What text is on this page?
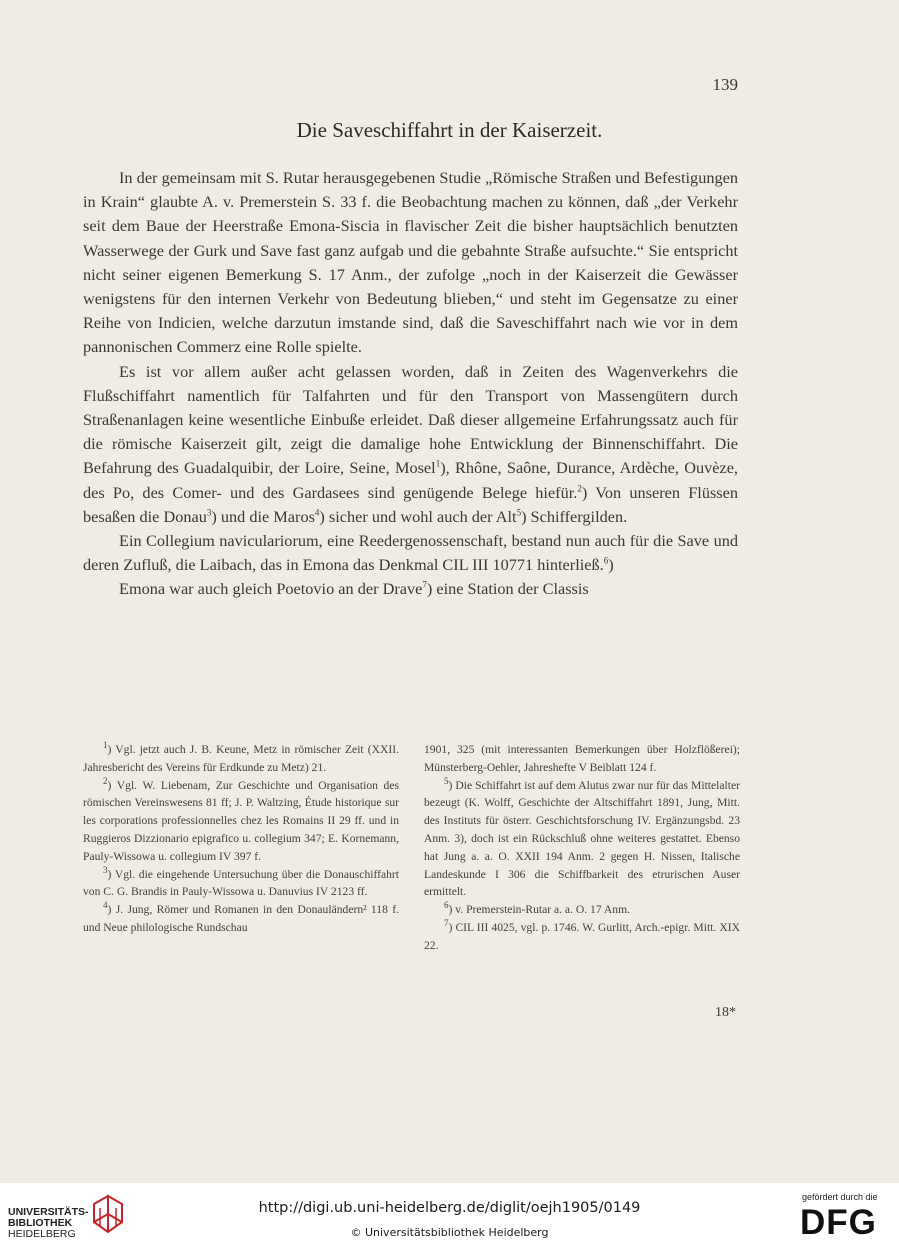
139
Die Saveschiffahrt in der Kaiserzeit.

In der gemeinsam mit S. Rutar herausgegebenen Studie „Römische Straßen und Befestigungen in Krain“ glaubte A. v. Premerstein S. 33 f. die Beobachtung machen zu können, daß „der Verkehr seit dem Baue der Heerstraße Emona-Siscia in flavischer Zeit die bisher hauptsächlich benutzten Wasserwege der Gurk und Save fast ganz aufgab und die gebahnte Straße aufsuchte.“ Sie entspricht nicht seiner eigenen Bemerkung S. 17 Anm., der zufolge „noch in der Kaiserzeit die Gewässer wenigstens für den internen Verkehr von Bedeutung blieben,“ und steht im Gegensatze zu einer Reihe von Indicien, welche darzutun imstande sind, daß die Saveschiffahrt nach wie vor in dem pannonischen Commerz eine Rolle spielte.

Es ist vor allem außer acht gelassen worden, daß in Zeiten des Wagenverkehrs die Flußschiffahrt namentlich für Talfahrten und für den Transport von Massengütern durch Straßenanlagen keine wesentliche Einbuße erleidet. Daß dieser allgemeine Erfahrungssatz auch für die römische Kaiserzeit gilt, zeigt die damalige hohe Entwicklung der Binnenschiffahrt. Die Befahrung des Guadalquibir, der Loire, Seine, Mosel$^1$), Rhône, Saône, Durance, Ardèche, Ouvèze, des Po, des Comer- und des Gardasees sind genügende Belege hiefür.$^2$) Von unseren Flüssen besaßen die Donau$^3$) und die Maros$^4$) sicher und wohl auch der Alt$^5$) Schiffergilden.

Ein Collegium naviculariorum, eine Reedergenossenschaft, bestand nun auch für die Save und deren Zufluß, die Laibach, das in Emona das Denkmal CIL III 10771 hinterließ.$^6$)

Emona war auch gleich Poetovio an der Drave$^7$) eine Station der Classis

$^1$) Vgl. jetzt auch J. B. Keune, Metz in römischer Zeit (XXII. Jahresbericht des Vereins für Erdkunde zu Metz) 21.

$^2$) Vgl. W. Liebenam, Zur Geschichte und Organisation des römischen Vereinswesens 81 ff; J. P. Waltzing, Étude historique sur les corporations professionnelles chez les Romains II 29 ff. und in Ruggieros Dizzionario epigrafico u. collegium 347; E. Kornemann, Pauly-Wissowa u. collegium IV 397 f.

$^3$) Vgl. die eingehende Untersuchung über die Donauschiffahrt von C. G. Brandis in Pauly-Wissowa u. Danuvius IV 2123 ff.

$^4$) J. Jung, Römer und Romanen in den Donauländern² 118 f. und Neue philologische Rundschau

1901, 325 (mit interessanten Bemerkungen über Holzflößerei); Münsterberg-Oehler, Jahreshefte V Beiblatt 124 f.

$^5$) Die Schiffahrt ist auf dem Alutus zwar nur für das Mittelalter bezeugt (K. Wolff, Geschichte der Altschiffahrt 1891, Jung, Mitt. des Instituts für österr. Geschichtsforschung IV. Ergänzungsbd. 23 Anm. 3), doch ist ein Rückschluß ohne weiteres gestattet. Ebenso hat Jung a. a. O. XXII 194 Anm. 2 gegen H. Nissen, Italische Landeskunde I 306 die Schiffbarkeit des etrurischen Auser ermittelt.

$^6$) v. Premerstein-Rutar a. a. O. 17 Anm.

$^7$) CIL III 4025, vgl. p. 1746. W. Gurlitt, Arch.-epigr. Mitt. XIX 22.

18*
UNIVERSITÄTS-
BIBLIOTHEK
HEIDELBERG
http://digi.ub.uni-heidelberg.de/diglit/oejh1905/0149
© Universitätsbibliothek Heidelberg
gefördert durch die
DFG
